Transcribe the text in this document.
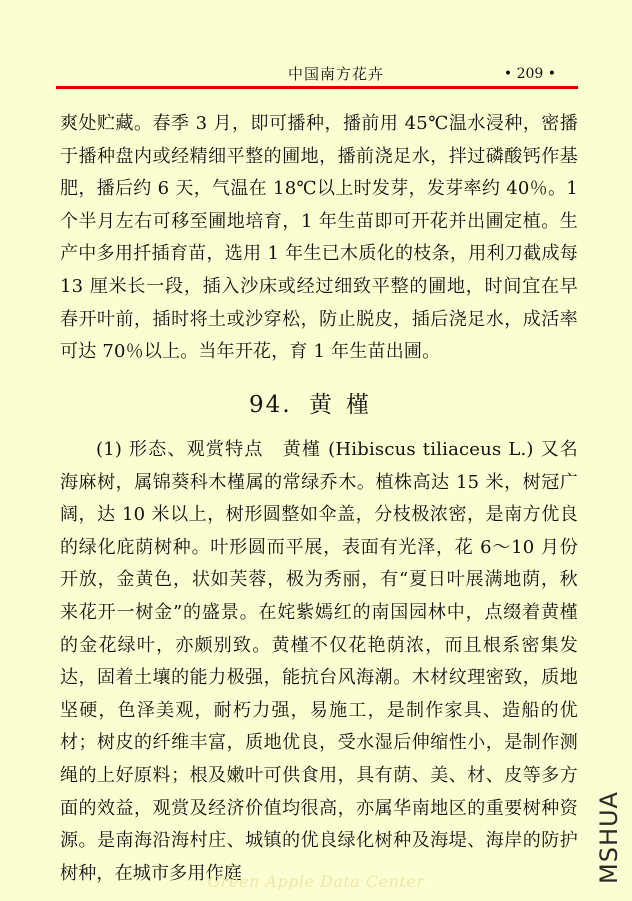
中国南方花卉	• 209 •

爽处贮藏。春季 3 月，即可播种，播前用 45℃温水浸种，密播于播种盘内或经精细平整的圃地，播前浇足水，拌过磷酸钙作基肥，播后约 6 天，气温在 18℃以上时发芽，发芽率约 40％。1 个半月左右可移至圃地培育，1 年生苗即可开花并出圃定植。生产中多用扦插育苗，选用 1 年生已木质化的枝条，用利刀截成每 13 厘米长一段，插入沙床或经过细致平整的圃地，时间宜在早春开叶前，插时将土或沙穿松，防止脱皮，插后浇足水，成活率可达 70％以上。当年开花，育 1 年生苗出圃。

94. 黄槿

(1) 形态、观赏特点　黄槿 (Hibiscus tiliaceus L.) 又名海麻树，属锦葵科木槿属的常绿乔木。植株高达 15 米，树冠广阔，达 10 米以上，树形圆整如伞盖，分枝极浓密，是南方优良的绿化庇荫树种。叶形圆而平展，表面有光泽，花 6～10 月份开放，金黄色，状如芙蓉，极为秀丽，有“夏日叶展满地荫，秋来花开一树金”的盛景。在姹紫嫣红的南国园林中，点缀着黄槿的金花绿叶，亦颇别致。黄槿不仅花艳荫浓，而且根系密集发达，固着土壤的能力极强，能抗台风海潮。木材纹理密致，质地坚硬，色泽美观，耐朽力强，易施工，是制作家具、造船的优材；树皮的纤维丰富，质地优良，受水湿后伸缩性小，是制作测绳的上好原料；根及嫩叶可供食用，具有荫、美、材、皮等多方面的效益，观赏及经济价值均很高，亦属华南地区的重要树种资源。是南海沿海村庄、城镇的优良绿化树种及海堤、海岸的防护树种，在城市多用作庭	MSHUA
Green Apple Data Center
